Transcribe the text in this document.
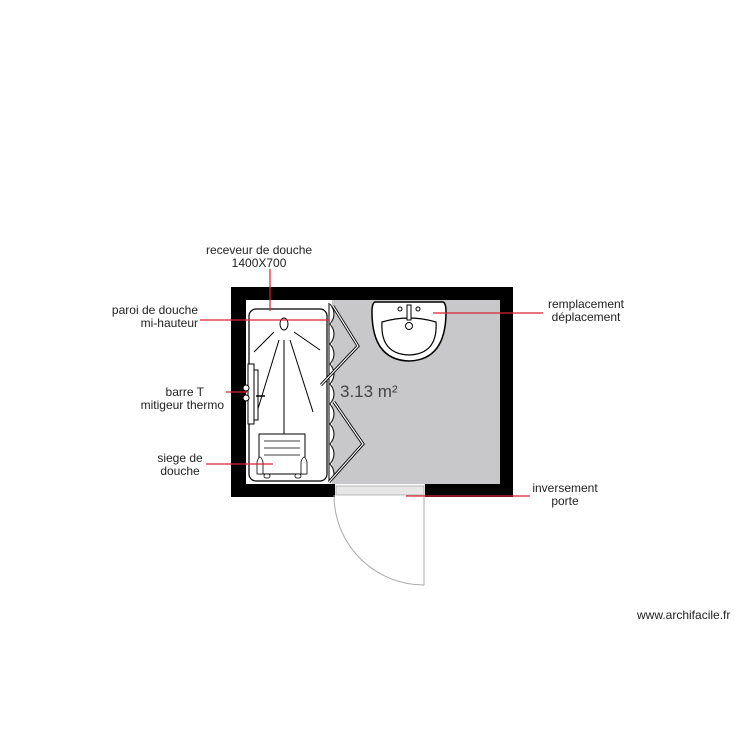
receveur de douche
1400X700
paroi de douche
mi-hauteur
barre T
mitigeur thermo
siege de
douche
remplacement
déplacement
inversement
porte
3.13 m²
www.archifacile.fr
